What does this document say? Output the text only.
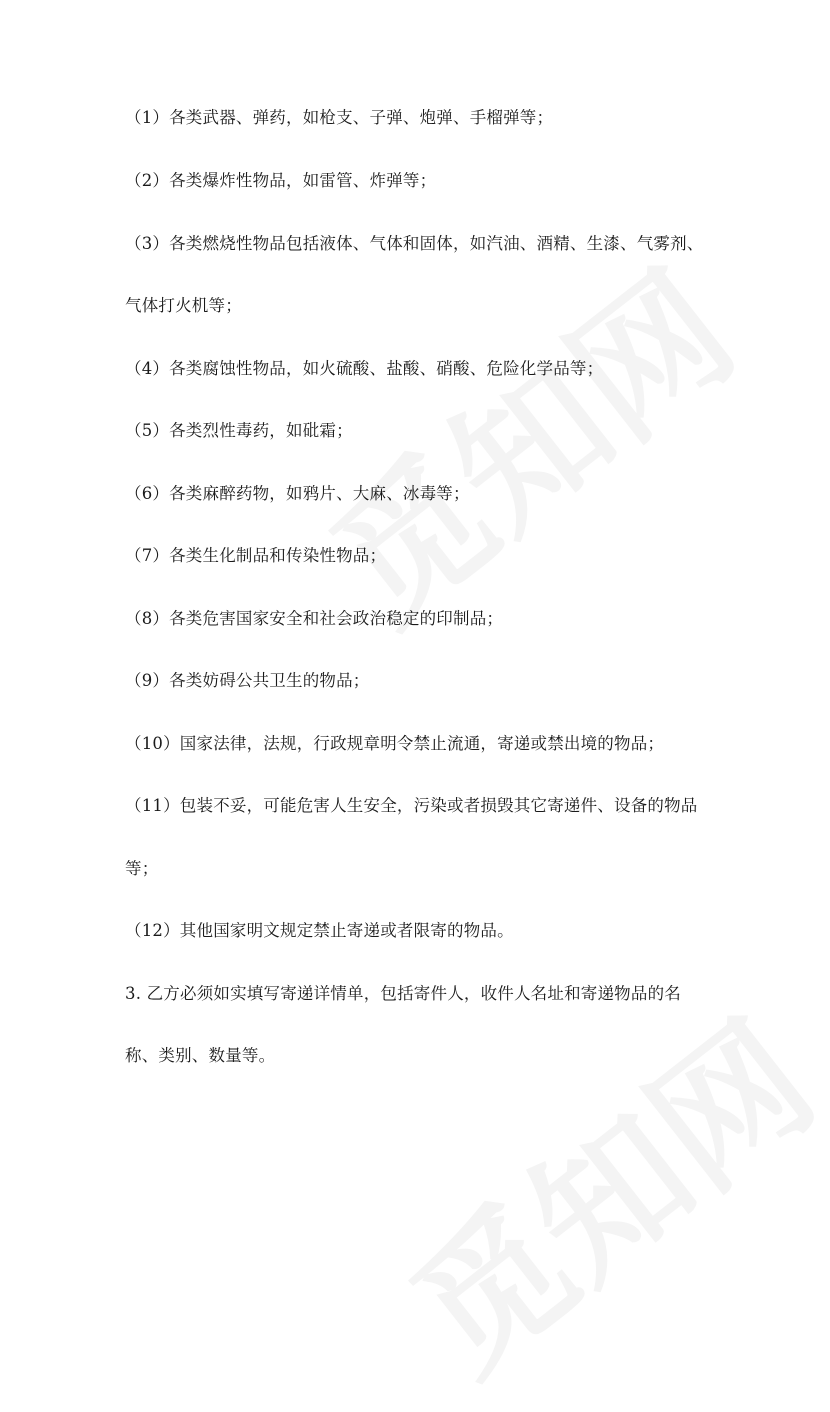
（1）各类武器、弹药，如枪支、子弹、炮弹、手榴弹等；
（2）各类爆炸性物品，如雷管、炸弹等；
（3）各类燃烧性物品包括液体、气体和固体，如汽油、酒精、生漆、气雾剂、
气体打火机等；
（4）各类腐蚀性物品，如火硫酸、盐酸、硝酸、危险化学品等；
（5）各类烈性毒药，如砒霜；
（6）各类麻醉药物，如鸦片、大麻、冰毒等；
（7）各类生化制品和传染性物品；
（8）各类危害国家安全和社会政治稳定的印制品；
（9）各类妨碍公共卫生的物品；
（10）国家法律，法规，行政规章明令禁止流通，寄递或禁出境的物品；
（11）包装不妥，可能危害人生安全，污染或者损毁其它寄递件、设备的物品
等；
（12）其他国家明文规定禁止寄递或者限寄的物品。
3. 乙方必须如实填写寄递详情单，包括寄件人，收件人名址和寄递物品的名
称、类别、数量等。
